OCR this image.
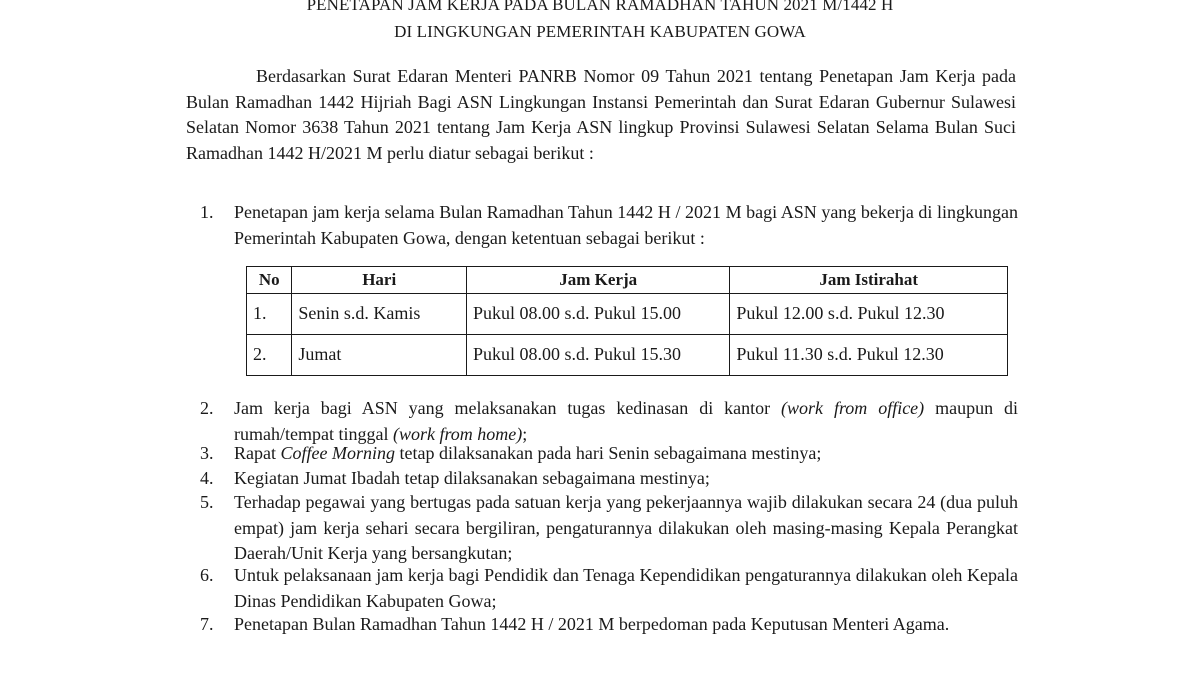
PENETAPAN JAM KERJA PADA BULAN RAMADHAN TAHUN 2021 M/1442 H
DI LINGKUNGAN PEMERINTAH KABUPATEN GOWA

Berdasarkan Surat Edaran Menteri PANRB Nomor 09 Tahun 2021 tentang Penetapan Jam Kerja pada Bulan Ramadhan 1442 Hijriah Bagi ASN Lingkungan Instansi Pemerintah dan Surat Edaran Gubernur Sulawesi Selatan Nomor 3638 Tahun 2021 tentang Jam Kerja ASN lingkup Provinsi Sulawesi Selatan Selama Bulan Suci Ramadhan 1442 H/2021 M perlu diatur sebagai berikut :

1.	Penetapan jam kerja selama Bulan Ramadhan Tahun 1442 H / 2021 M bagi ASN yang bekerja di lingkungan Pemerintah Kabupaten Gowa, dengan ketentuan sebagai berikut :
No	Hari	Jam Kerja	Jam Istirahat
1.	Senin s.d. Kamis	Pukul 08.00 s.d. Pukul 15.00	Pukul 12.00 s.d. Pukul 12.30
2.	Jumat	Pukul 08.00 s.d. Pukul 15.30	Pukul 11.30 s.d. Pukul 12.30
2.	Jam kerja bagi ASN yang melaksanakan tugas kedinasan di kantor (work from office) maupun di rumah/tempat tinggal (work from home);
3.	Rapat Coffee Morning tetap dilaksanakan pada hari Senin sebagaimana mestinya;
4.	Kegiatan Jumat Ibadah tetap dilaksanakan sebagaimana mestinya;
5.	Terhadap pegawai yang bertugas pada satuan kerja yang pekerjaannya wajib dilakukan secara 24 (dua puluh empat) jam kerja sehari secara bergiliran, pengaturannya dilakukan oleh masing-masing Kepala Perangkat Daerah/Unit Kerja yang bersangkutan;
6.	Untuk pelaksanaan jam kerja bagi Pendidik dan Tenaga Kependidikan pengaturannya dilakukan oleh Kepala Dinas Pendidikan Kabupaten Gowa;
7.	Penetapan Bulan Ramadhan Tahun 1442 H / 2021 M berpedoman pada Keputusan Menteri Agama.
